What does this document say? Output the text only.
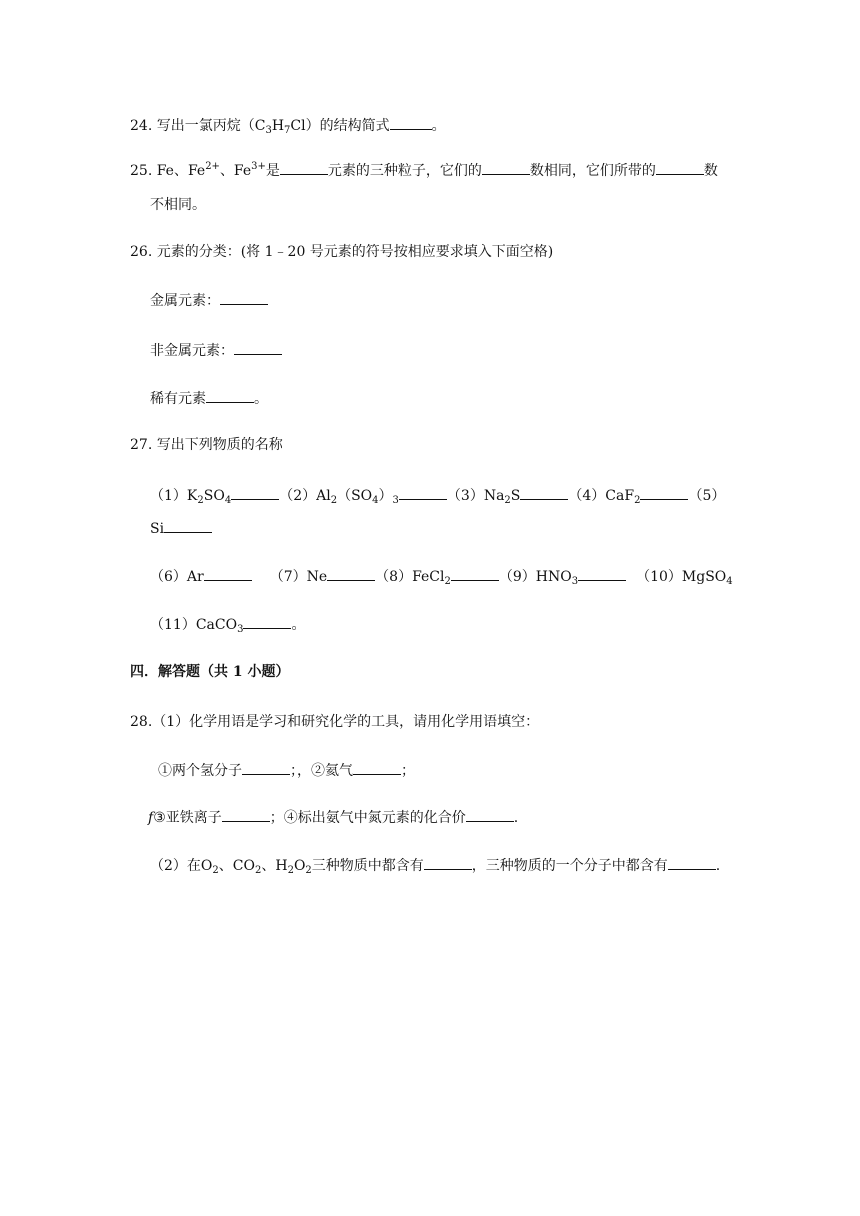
24. 写出一氯丙烷$(C_3H_7Cl)$的结构简式	。
25. Fe、$Fe^{2+}$、$Fe^{3+}$是	元素的三种粒子，它们的	数相同，它们所带的	数
不相同。
26. 元素的分类：(将 1﹣20 号元素的符号按相应要求填入下面空格)
金属元素：
非金属元素：
稀有元素	。
27. 写出下列物质的名称
$(1)K_2SO_4$	$(2)Al_2(SO_4)_3$	$(3)Na_2S$	（4）CaF$_2$	（5）
Si
（6）Ar	（7）Ne	（8）FeCl$_2$	$(9)HNO_3$	（10）MgSO$_4$
（11）CaCO$_3$	。
四．解答题（共 1 小题）
28.（1）化学用语是学习和研究化学的工具，请用化学用语填空：
①两个氢分子	；，②氦气	；
f③亚铁离子	；④标出氨气中氮元素的化合价	.
（2）在$O_2$、$CO_2$、$H_2O_2$三种物质中都含有	，三种物质的一个分子中都含有	.
